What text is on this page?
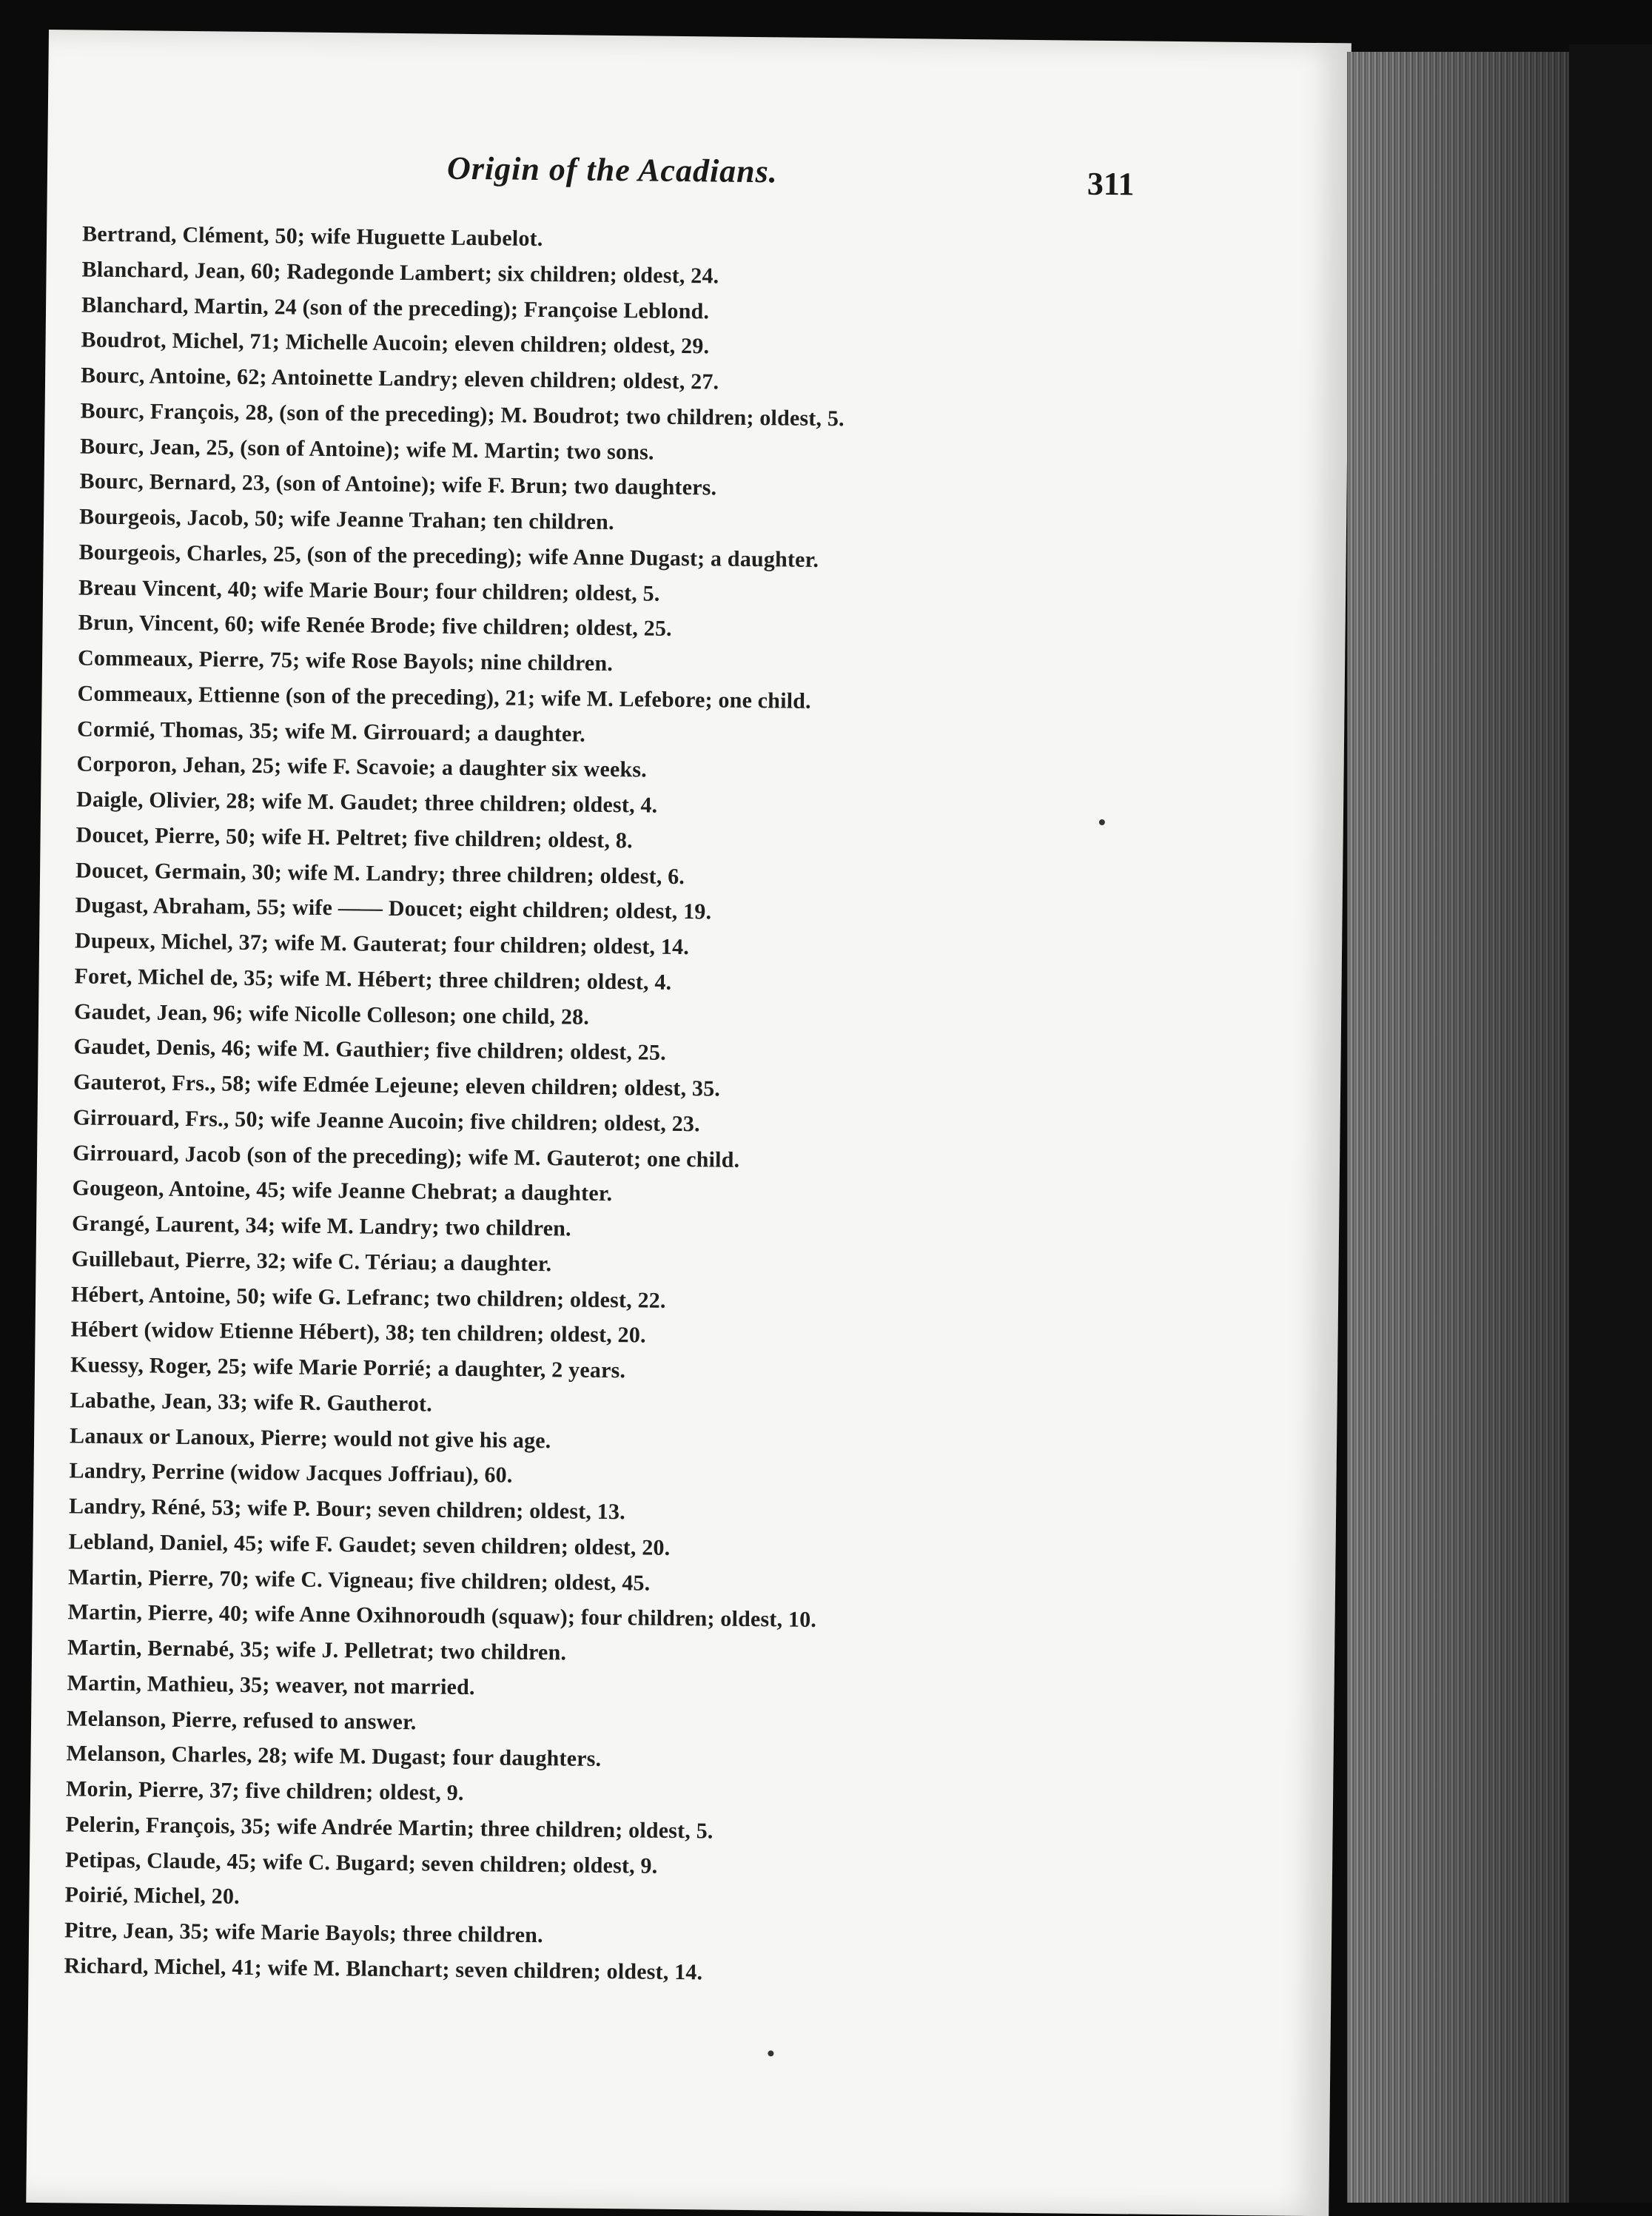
Origin of the Acadians.	311
Bertrand, Clément, 50; wife Huguette Laubelot.
Blanchard, Jean, 60; Radegonde Lambert; six children; oldest, 24.
Blanchard, Martin, 24 (son of the preceding); Françoise Leblond.
Boudrot, Michel, 71; Michelle Aucoin; eleven children; oldest, 29.
Bourc, Antoine, 62; Antoinette Landry; eleven children; oldest, 27.
Bourc, François, 28, (son of the preceding); M. Boudrot; two children; oldest, 5.
Bourc, Jean, 25, (son of Antoine); wife M. Martin; two sons.
Bourc, Bernard, 23, (son of Antoine); wife F. Brun; two daughters.
Bourgeois, Jacob, 50; wife Jeanne Trahan; ten children.
Bourgeois, Charles, 25, (son of the preceding); wife Anne Dugast; a daughter.
Breau Vincent, 40; wife Marie Bour; four children; oldest, 5.
Brun, Vincent, 60; wife Renée Brode; five children; oldest, 25.
Commeaux, Pierre, 75; wife Rose Bayols; nine children.
Commeaux, Ettienne (son of the preceding), 21; wife M. Lefebore; one child.
Cormié, Thomas, 35; wife M. Girrouard; a daughter.
Corporon, Jehan, 25; wife F. Scavoie; a daughter six weeks.
Daigle, Olivier, 28; wife M. Gaudet; three children; oldest, 4.
Doucet, Pierre, 50; wife H. Peltret; five children; oldest, 8.
Doucet, Germain, 30; wife M. Landry; three children; oldest, 6.
Dugast, Abraham, 55; wife —— Doucet; eight children; oldest, 19.
Dupeux, Michel, 37; wife M. Gauterat; four children; oldest, 14.
Foret, Michel de, 35; wife M. Hébert; three children; oldest, 4.
Gaudet, Jean, 96; wife Nicolle Colleson; one child, 28.
Gaudet, Denis, 46; wife M. Gauthier; five children; oldest, 25.
Gauterot, Frs., 58; wife Edmée Lejeune; eleven children; oldest, 35.
Girrouard, Frs., 50; wife Jeanne Aucoin; five children; oldest, 23.
Girrouard, Jacob (son of the preceding); wife M. Gauterot; one child.
Gougeon, Antoine, 45; wife Jeanne Chebrat; a daughter.
Grangé, Laurent, 34; wife M. Landry; two children.
Guillebaut, Pierre, 32; wife C. Tériau; a daughter.
Hébert, Antoine, 50; wife G. Lefranc; two children; oldest, 22.
Hébert (widow Etienne Hébert), 38; ten children; oldest, 20.
Kuessy, Roger, 25; wife Marie Porrié; a daughter, 2 years.
Labathe, Jean, 33; wife R. Gautherot.
Lanaux or Lanoux, Pierre; would not give his age.
Landry, Perrine (widow Jacques Joffriau), 60.
Landry, Réné, 53; wife P. Bour; seven children; oldest, 13.
Lebland, Daniel, 45; wife F. Gaudet; seven children; oldest, 20.
Martin, Pierre, 70; wife C. Vigneau; five children; oldest, 45.
Martin, Pierre, 40; wife Anne Oxihnoroudh (squaw); four children; oldest, 10.
Martin, Bernabé, 35; wife J. Pelletrat; two children.
Martin, Mathieu, 35; weaver, not married.
Melanson, Pierre, refused to answer.
Melanson, Charles, 28; wife M. Dugast; four daughters.
Morin, Pierre, 37; five children; oldest, 9.
Pelerin, François, 35; wife Andrée Martin; three children; oldest, 5.
Petipas, Claude, 45; wife C. Bugard; seven children; oldest, 9.
Poirié, Michel, 20.
Pitre, Jean, 35; wife Marie Bayols; three children.
Richard, Michel, 41; wife M. Blanchart; seven children; oldest, 14.
